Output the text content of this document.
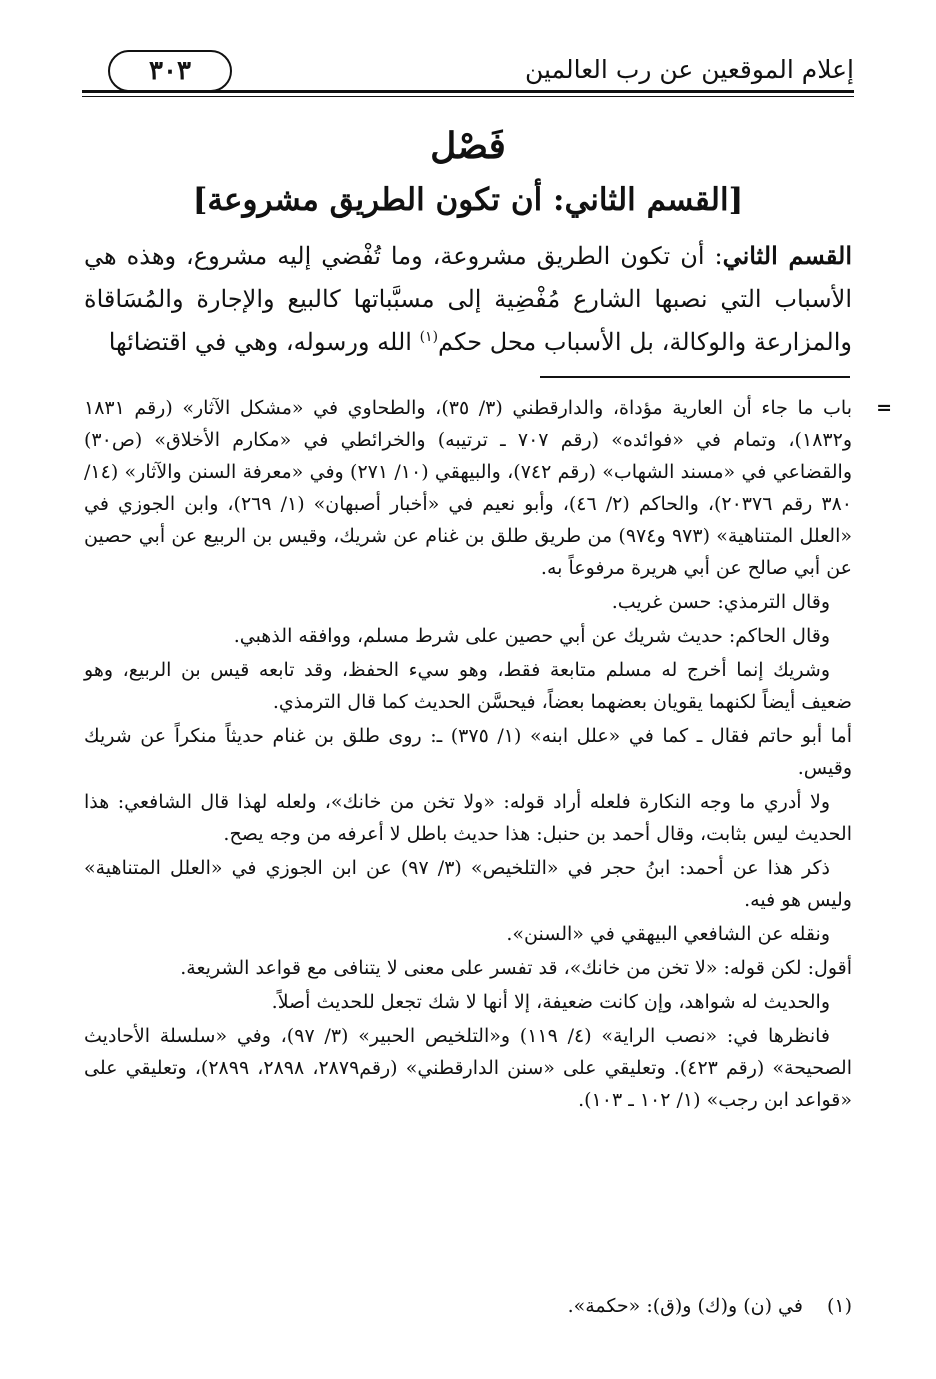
إعلام الموقعين عن رب العالمين
٣٠٣
فَصْل
[القسم الثاني: أن تكون الطريق مشروعة]

القسم الثاني: أن تكون الطريق مشروعة، وما تُفْضي إليه مشروع، وهذه هي الأسباب التي نصبها الشارع مُفْضِية إلى مسبَّباتها كالبيع والإجارة والمُسَاقاة والمزارعة والوكالة، بل الأسباب محل حكم$^{(١)}$ الله ورسوله، وهي في اقتضائها

=
باب ما جاء أن العارية مؤداة، والدارقطني (٣/ ٣٥)، والطحاوي في «مشكل الآثار» (رقم ١٨٣١ و١٨٣٢)، وتمام في «فوائده» (رقم ٧٠٧ ـ ترتيبه) والخرائطي في «مكارم الأخلاق» (ص٣٠) والقضاعي في «مسند الشهاب» (رقم ٧٤٢)، والبيهقي (١٠/ ٢٧١) وفي «معرفة السنن والآثار» (١٤/ ٣٨٠ رقم ٢٠٣٧٦)، والحاكم (٢/ ٤٦)، وأبو نعيم في «أخبار أصبهان» (١/ ٢٦٩)، وابن الجوزي في «العلل المتناهية» (٩٧٣ و٩٧٤) من طريق طلق بن غنام عن شريك، وقيس بن الربيع عن أبي حصين عن أبي صالح عن أبي هريرة مرفوعاً به.

وقال الترمذي: حسن غريب.

وقال الحاكم: حديث شريك عن أبي حصين على شرط مسلم، ووافقه الذهبي.

وشريك إنما أخرج له مسلم متابعة فقط، وهو سيء الحفظ، وقد تابعه قيس بن الربيع، وهو ضعيف أيضاً لكنهما يقويان بعضهما بعضاً، فيحسَّن الحديث كما قال الترمذي.

أما أبو حاتم فقال ـ كما في «علل ابنه» (١/ ٣٧٥) ـ: روى طلق بن غنام حديثاً منكراً عن شريك وقيس.

ولا أدري ما وجه النكارة فلعله أراد قوله: «ولا تخن من خانك»، ولعله لهذا قال الشافعي: هذا الحديث ليس بثابت، وقال أحمد بن حنبل: هذا حديث باطل لا أعرفه من وجه يصح.

ذكر هذا عن أحمد: ابنُ حجر في «التلخيص» (٣/ ٩٧) عن ابن الجوزي في «العلل المتناهية» وليس هو فيه.

ونقله عن الشافعي البيهقي في «السنن».

أقول: لكن قوله: «لا تخن من خانك»، قد تفسر على معنى لا يتنافى مع قواعد الشريعة.

والحديث له شواهد، وإن كانت ضعيفة، إلا أنها لا شك تجعل للحديث أصلاً.

فانظرها في: «نصب الراية» (٤/ ١١٩) و«التلخيص الحبير» (٣/ ٩٧)، وفي «سلسلة الأحاديث الصحيحة» (رقم ٤٢٣). وتعليقي على «سنن الدارقطني» (رقم٢٨٧٩، ٢٨٩٨، ٢٨٩٩)، وتعليقي على «قواعد ابن رجب» (١/ ١٠٢ ـ ١٠٣).

(١)في (ن) و(ك) و(ق): «حكمة».
